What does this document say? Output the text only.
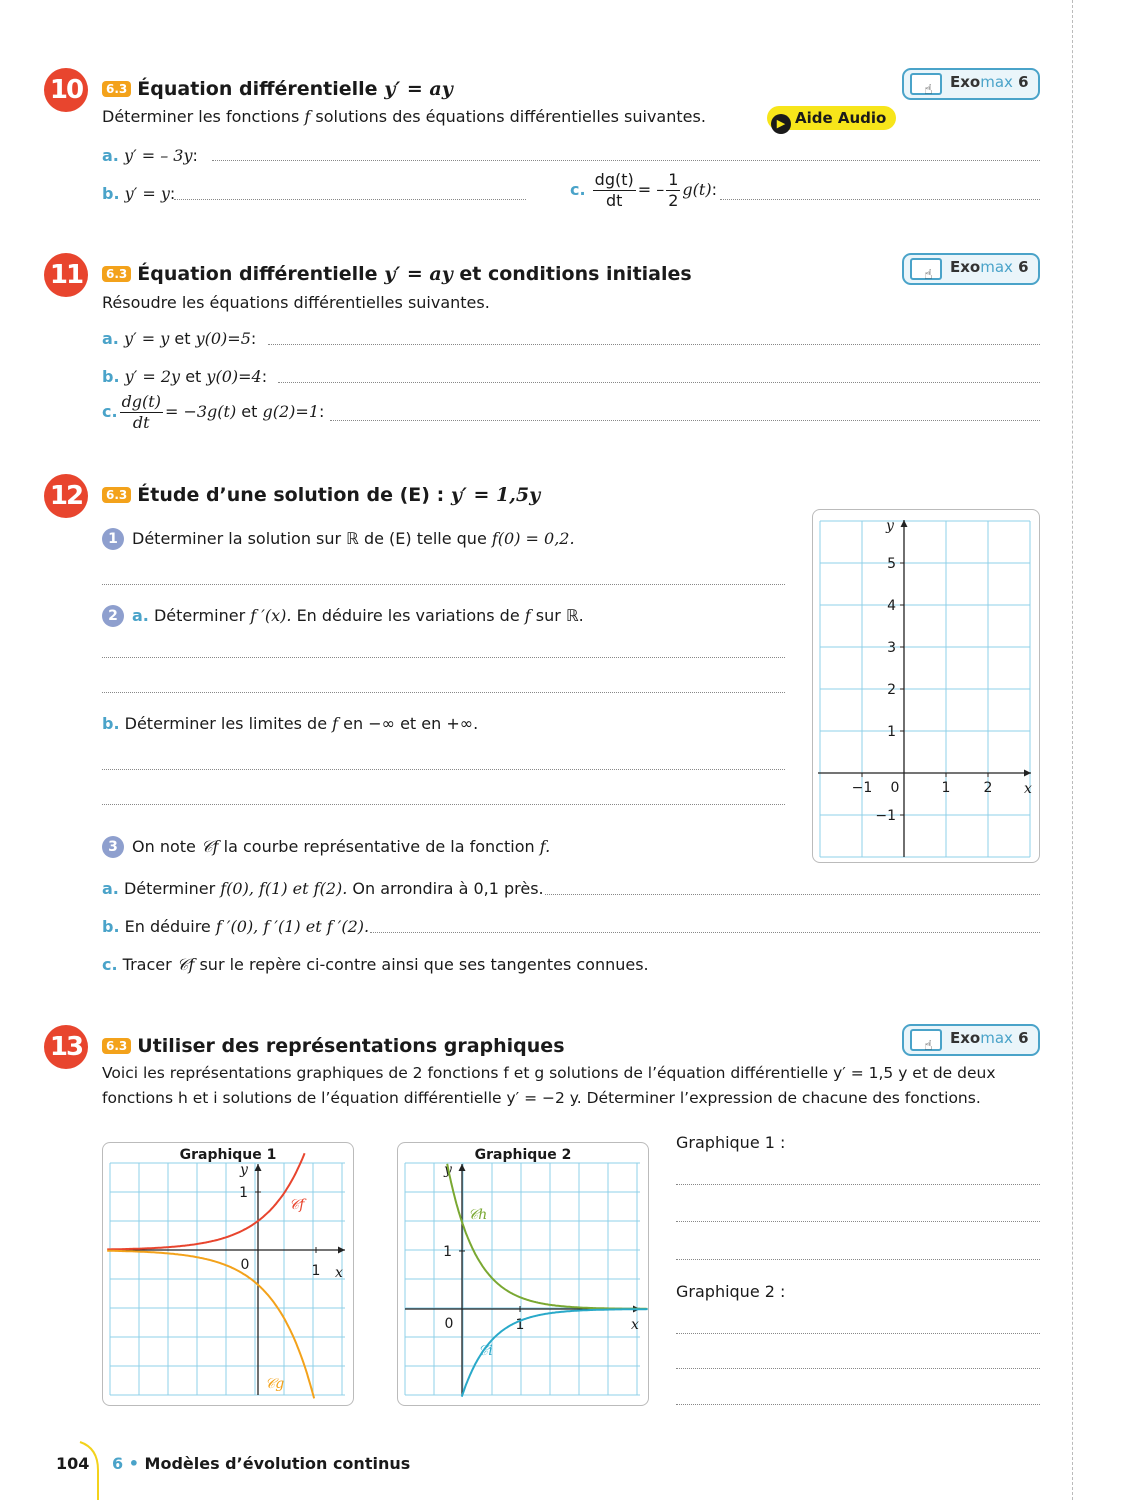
10	6.3 Équation différentielle y′ = ay	☝ Exomax 6
Déterminer les fonctions f solutions des équations différentielles suivantes.	▶ Aide Audio
a. y′ = – 3y:
b. y′ = y:	c. $\frac{dg(t)}{dt}$ = – $\frac{1}{2} g(t)$:
11	6.3 Équation différentielle y′ = ay et conditions initiales	☝ Exomax 6
Résoudre les équations différentielles suivantes.
a. y′ = y et y(0)=5:
b. y′ = 2y et y(0)=4:
c. $\frac{dg(t)}{dt} = -3g(t)$ et g(2)=1:
12	6.3 Étude d’une solution de (E) : y′ = 1,5y
1 Déterminer la solution sur ℝ de (E) telle que f(0) = 0,2.
2 a. Déterminer f ′(x). En déduire les variations de f sur ℝ.
b. Déterminer les limites de f en −∞ et en +∞.
3 On note 𝒞f la courbe représentative de la fonction f.
a. Déterminer f(0), f(1) et f(2). On arrondira à 0,1 près.
b. En déduire f ′(0), f ′(1) et f ′(2).
c. Tracer 𝒞f sur le repère ci-contre ainsi que ses tangentes connues.
−1
1
2
3
4
5
−1 0	1 2 x
y
13	6.3 Utiliser des représentations graphiques	☝ Exomax 6
Voici les représentations graphiques de 2 fonctions f et g solutions de l’équation différentielle y′ = 1,5 y et de deux
fonctions h et i solutions de l’équation différentielle y′ = −2 y. Déterminer l’expression de chacune des fonctions.
Graphique 1
0	1
1
x
y
𝒞f
𝒞g
Graphique 2
0	1
1
x
y
𝒞h
𝒞i
Graphique 1 :
Graphique 2 :
104 6 • Modèles d’évolution continus
